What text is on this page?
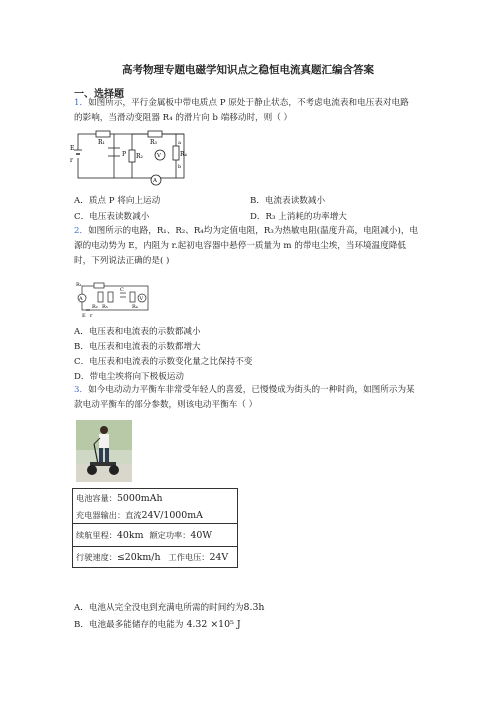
高考物理专题电磁学知识点之稳恒电流真题汇编含答案
一、选择题
1．如图所示，平行金属板中带电质点 P 原处于静止状态，不考虑电流表和电压表对电路
的影响，当滑动变阻器 R₄ 的滑片向 b 端移动时，则（ ）
E
r
R₁
P R₂
R₃
R₄
V
A
a
b
A．质点 P 将向上运动	B．电流表读数减小
C．电压表读数减小	D．R₃ 上消耗的功率增大
2．如图所示的电路，R₁、R₂、R₄均为定值电阻，R₃为热敏电阻(温度升高，电阻减小)，电
源的电动势为 E，内阻为 r.起初电容器中悬停一质量为 m 的带电尘埃，当环境温度降低
时，下列说法正确的是( )
R₁
A
R₂ R₃
C
R₄
V
E r
A．电压表和电流表的示数都减小
B．电压表和电流表的示数都增大
C．电压表和电流表的示数变化量之比保持不变
D．带电尘埃将向下极板运动
3．如今电动动力平衡车非常受年轻人的喜爱，已慢慢成为街头的一种时尚，如图所示为某
款电动平衡车的部分参数，则该电动平衡车（ ）
电池容量：5000mAh
充电器输出：直流24V/1000mA
续航里程：40km 额定功率：40W
行驶速度：≤20km/h 工作电压：24V
A．电池从完全没电到充满电所需的时间约为8.3h
B．电池最多能储存的电能为 4.32 ×10⁵ J
